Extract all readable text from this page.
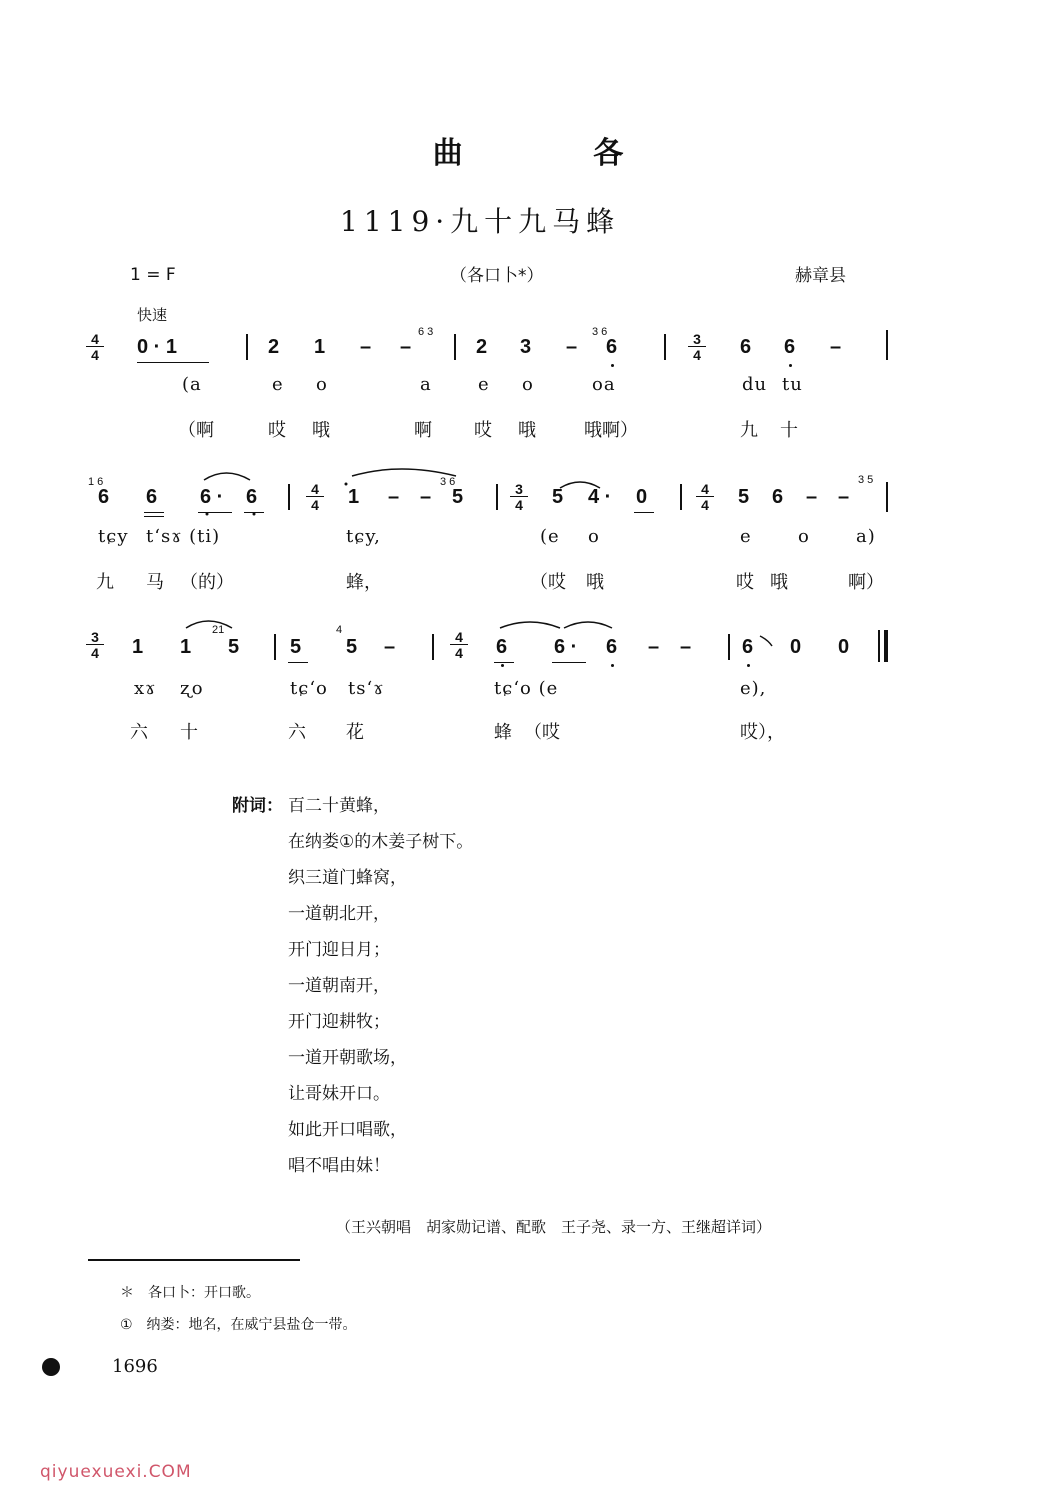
曲 各
1119·九十九马蜂
1 = F	（各口卜*）	赫章县
快速
4
4
3
4
0 · 1	2 1 – –
6 3
2 3 –
3 6
6	6 6 –
(a	e o	a	e o	oa	du tu
（啊	哎 哦	啊 哎 哦	哦啊）	九 十
1 6
6 6 6 · 6	4
4 1 – –
3 6
5	3
4 5 4 · 0	4
4 5 6 – –
3 5
tɕy tʻsɤ (ti)	tɕy,	(e o	e	o	a)
九 马 （的）	蜂，	（哎 哦	哎 哦	啊）
3
4 1 1
21
5	5
4
5 –	4
4 6 6 · 6 – –	6 0 0
xɤ ʐo	tɕʻo tsʻɤ	tɕʻo (e	e),
六 十	六 花	蜂 （哎	哎），
附词： 百二十黄蜂，
在纳娄①的木姜子树下。
织三道门蜂窝，
一道朝北开，
开门迎日月；
一道朝南开，
开门迎耕牧；
一道开朝歌场，
让哥妹开口。
如此开口唱歌，
唱不唱由妹！
（王兴朝唱　胡家勋记谱、配歌　王子尧、录一方、王继超详词）
＊　各口卜：开口歌。
①　纳娄：地名，在威宁县盐仓一带。
1696
qiyuexuexi.COM
